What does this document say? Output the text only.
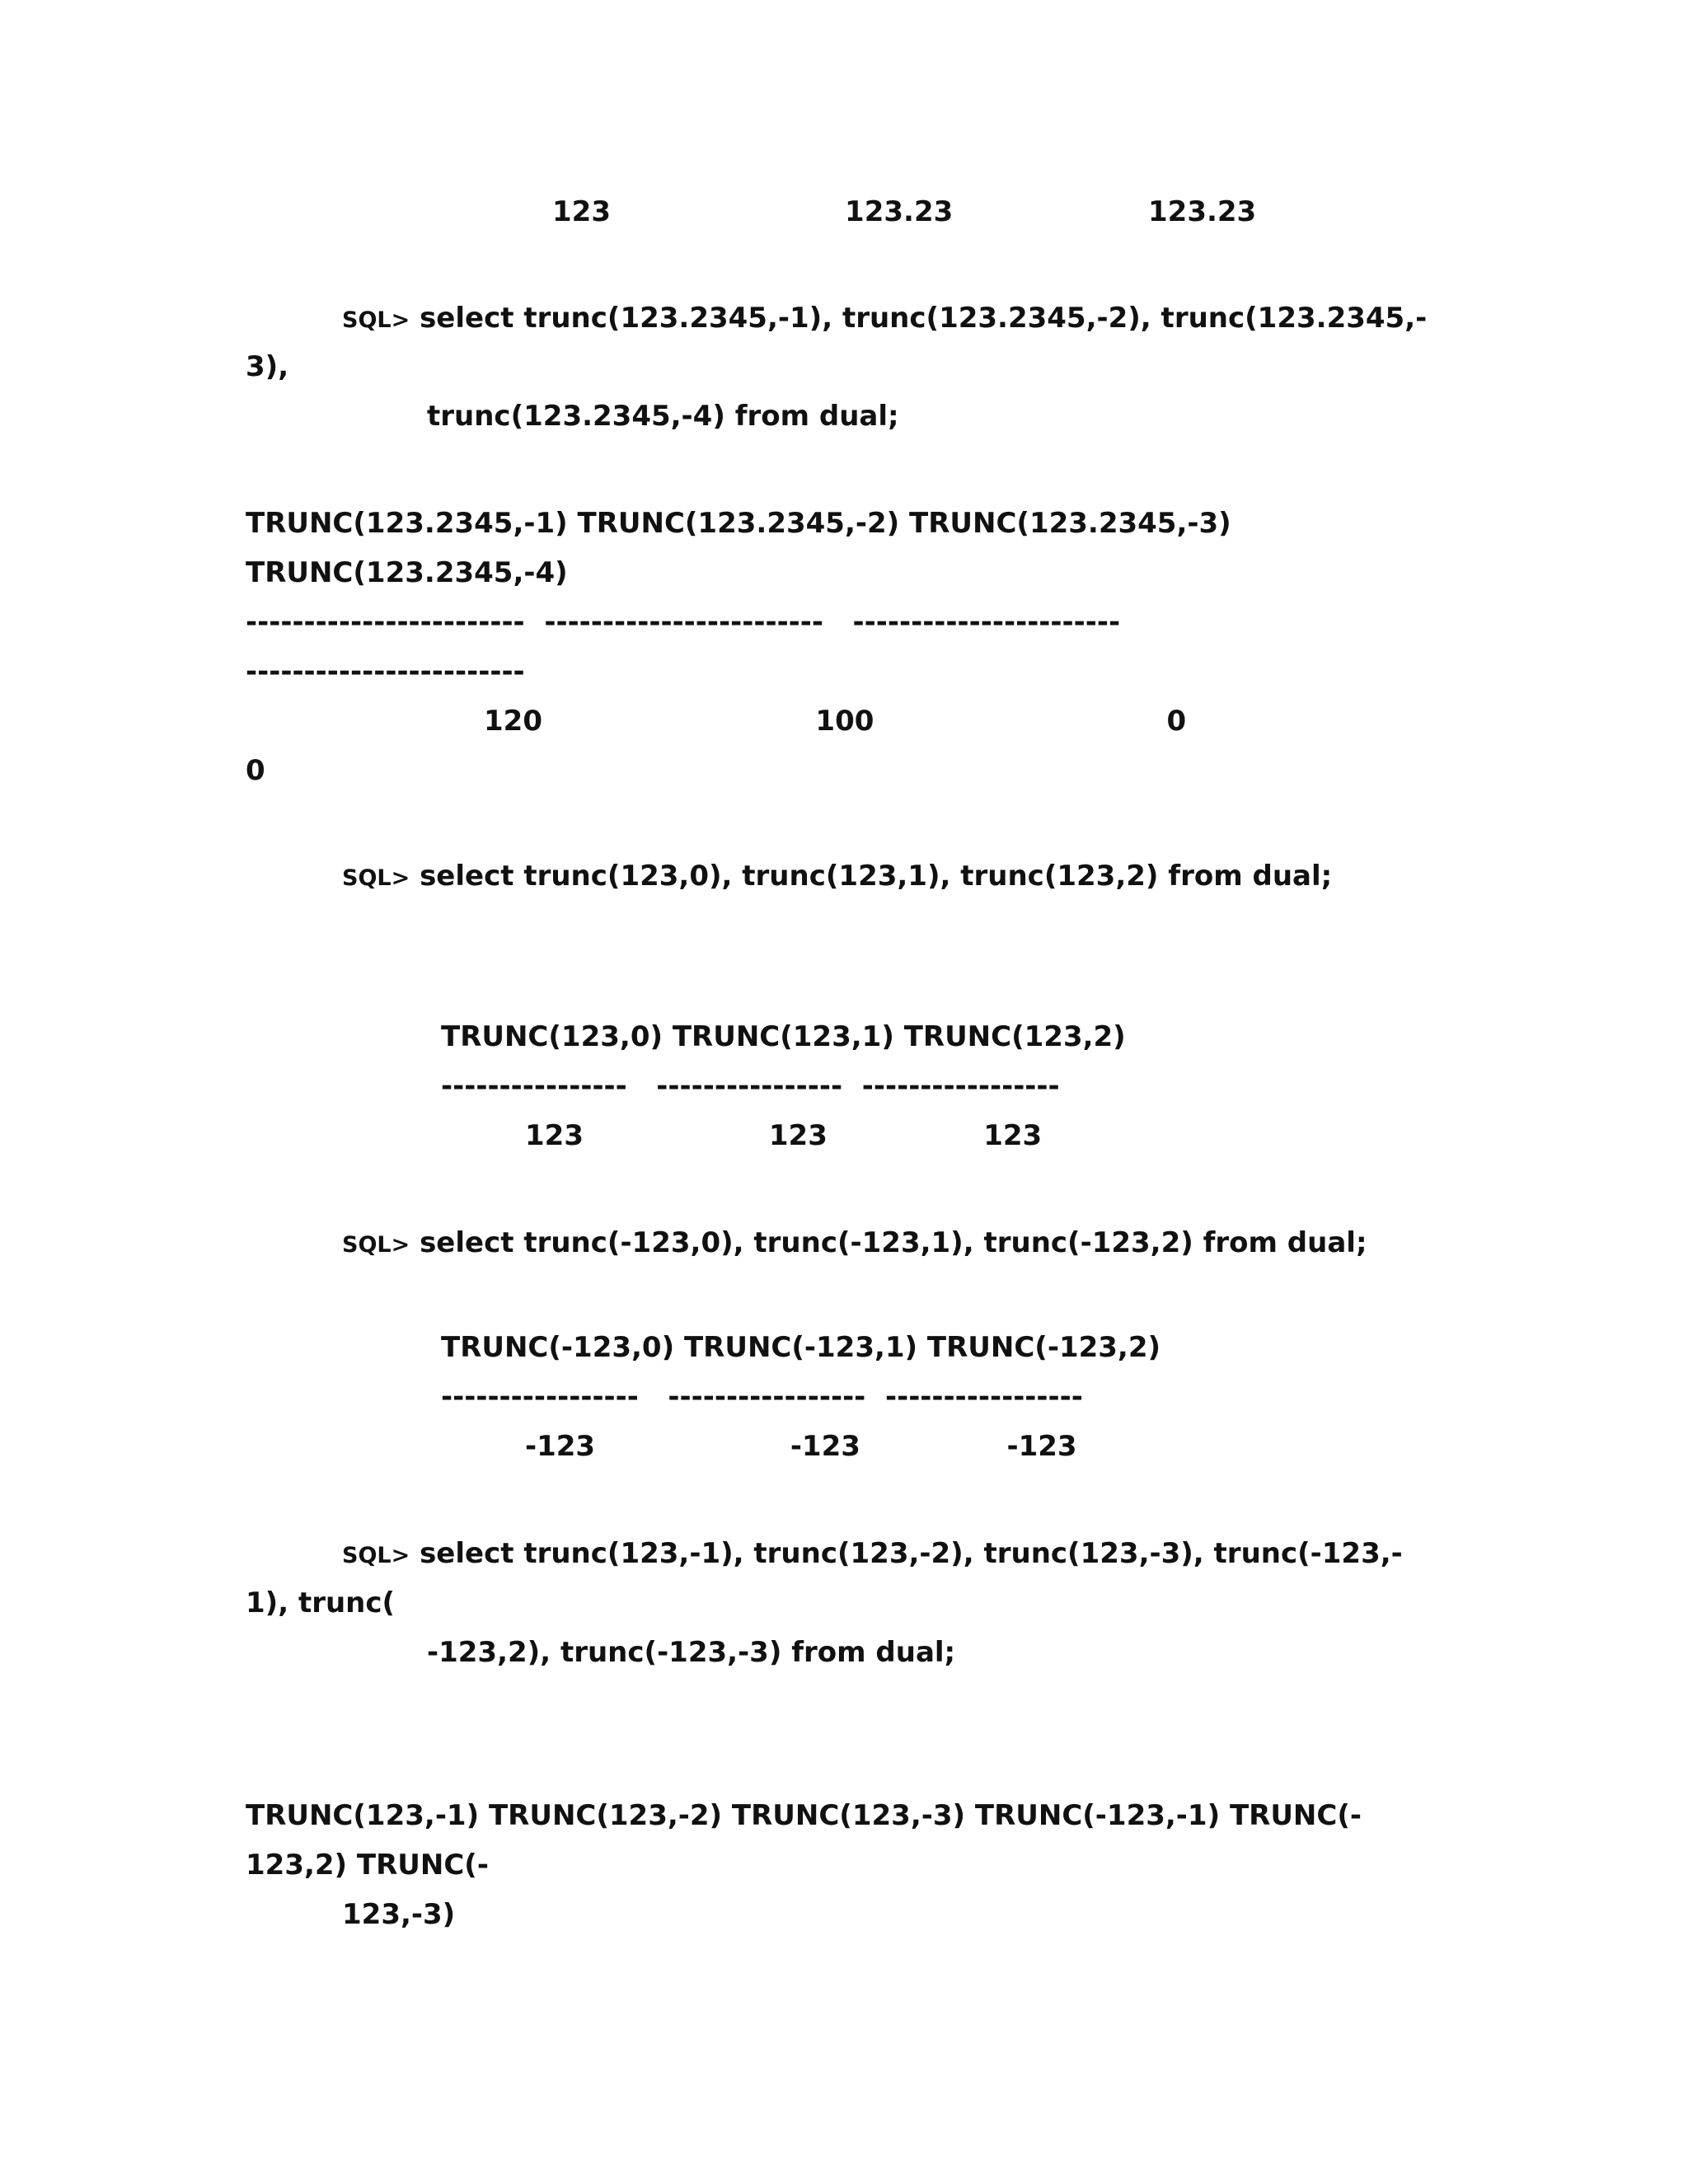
123                        123.23                    123.23
SQL> select trunc(123.2345,-1), trunc(123.2345,-2), trunc(123.2345,-
3),
trunc(123.2345,-4) from dual;
TRUNC(123.2345,-1) TRUNC(123.2345,-2) TRUNC(123.2345,-3)
TRUNC(123.2345,-4)
------------------------  ------------------------   -----------------------
------------------------
120                            100                              0
0
SQL> select trunc(123,0), trunc(123,1), trunc(123,2) from dual;
TRUNC(123,0) TRUNC(123,1) TRUNC(123,2)
----------------   ----------------  -----------------
123                   123                123
SQL> select trunc(-123,0), trunc(-123,1), trunc(-123,2) from dual;
TRUNC(-123,0) TRUNC(-123,1) TRUNC(-123,2)
-----------------   -----------------  -----------------
-123                    -123               -123
SQL> select trunc(123,-1), trunc(123,-2), trunc(123,-3), trunc(-123,-
1), trunc(
-123,2), trunc(-123,-3) from dual;
TRUNC(123,-1) TRUNC(123,-2) TRUNC(123,-3) TRUNC(-123,-1) TRUNC(-
123,2) TRUNC(-
123,-3)
